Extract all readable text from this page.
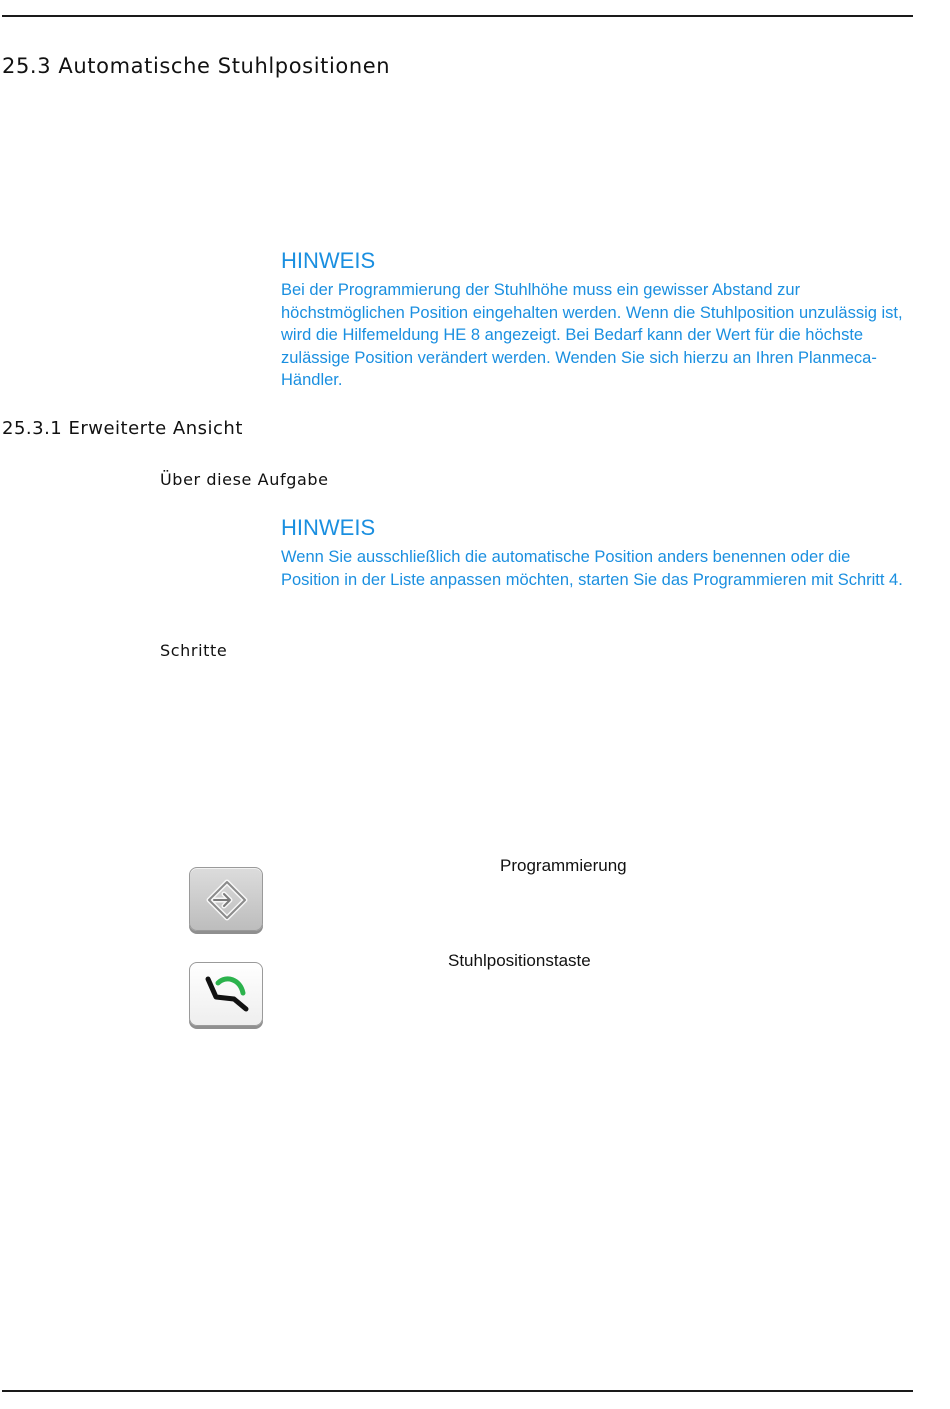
25.3 Automatische Stuhlpositionen

HINWEIS

Bei der Programmierung der Stuhlhöhe muss ein gewisser Abstand zur höchstmöglichen Position eingehalten werden. Wenn die Stuhlposition unzulässig ist, wird die Hilfemeldung HE 8 angezeigt. Bei Bedarf kann der Wert für die höchste zulässige Position verändert werden. Wenden Sie sich hierzu an Ihren Planmeca-Händler.

25.3.1 Erweiterte Ansicht

Über diese Aufgabe

HINWEIS

Wenn Sie ausschließlich die automatische Position anders benennen oder die Position in der Liste anpassen möchten, starten Sie das Programmieren mit Schritt 4.

Schritte

Programmierung

Stuhlpositionstaste
